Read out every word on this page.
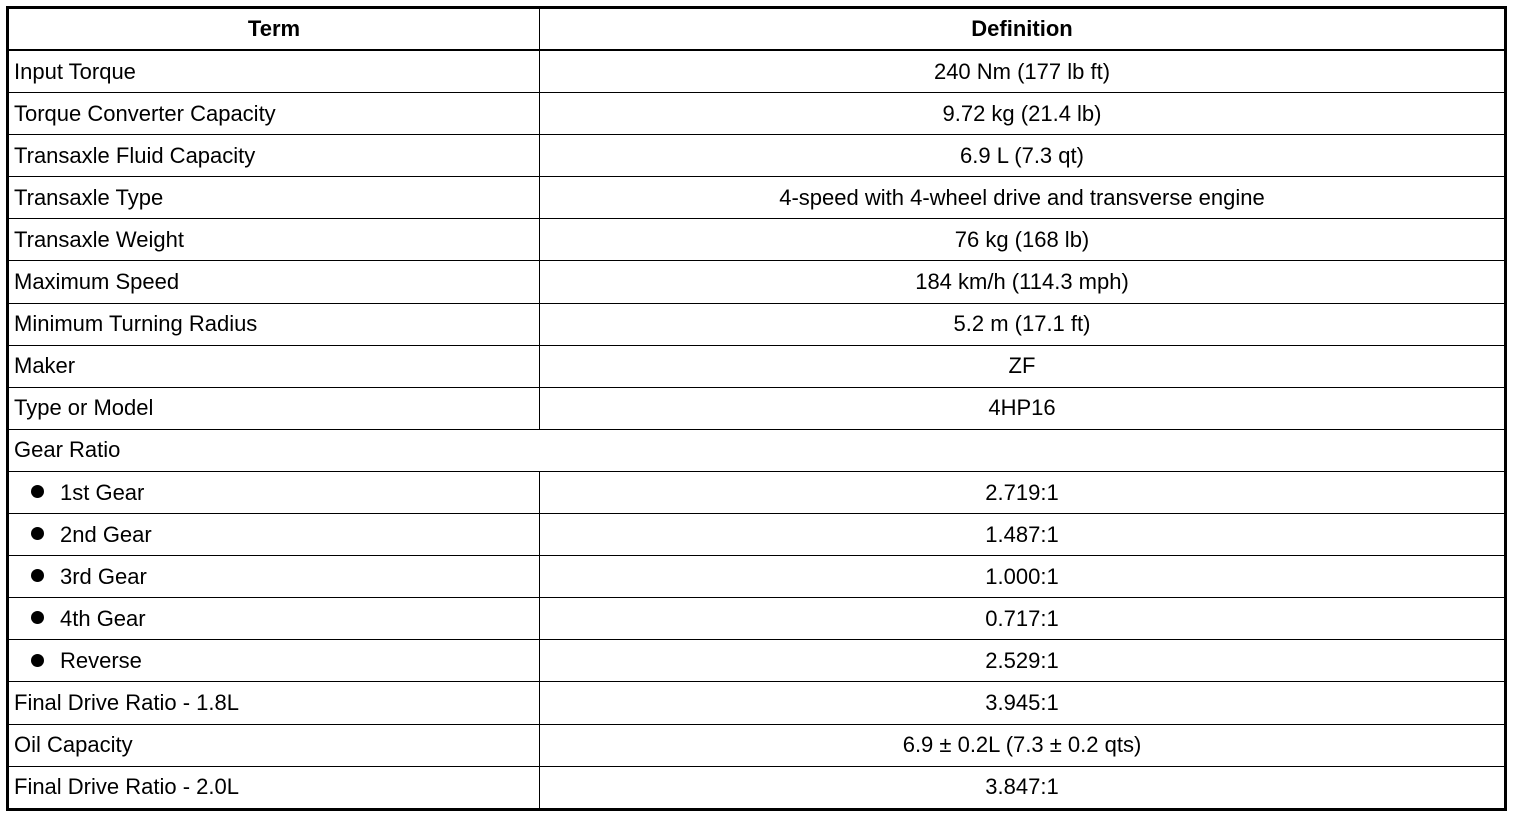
Term	Definition
Input Torque	240 Nm (177 lb ft)
Torque Converter Capacity	9.72 kg (21.4 lb)
Transaxle Fluid Capacity	6.9 L (7.3 qt)
Transaxle Type	4-speed with 4-wheel drive and transverse engine
Transaxle Weight	76 kg (168 lb)
Maximum Speed	184 km/h (114.3 mph)
Minimum Turning Radius	5.2 m (17.1 ft)
Maker	ZF
Type or Model	4HP16
Gear Ratio	
1st Gear	2.719:1
2nd Gear	1.487:1
3rd Gear	1.000:1
4th Gear	0.717:1
Reverse	2.529:1
Final Drive Ratio - 1.8L	3.945:1
Oil Capacity	6.9 ± 0.2L (7.3 ± 0.2 qts)
Final Drive Ratio - 2.0L	3.847:1
